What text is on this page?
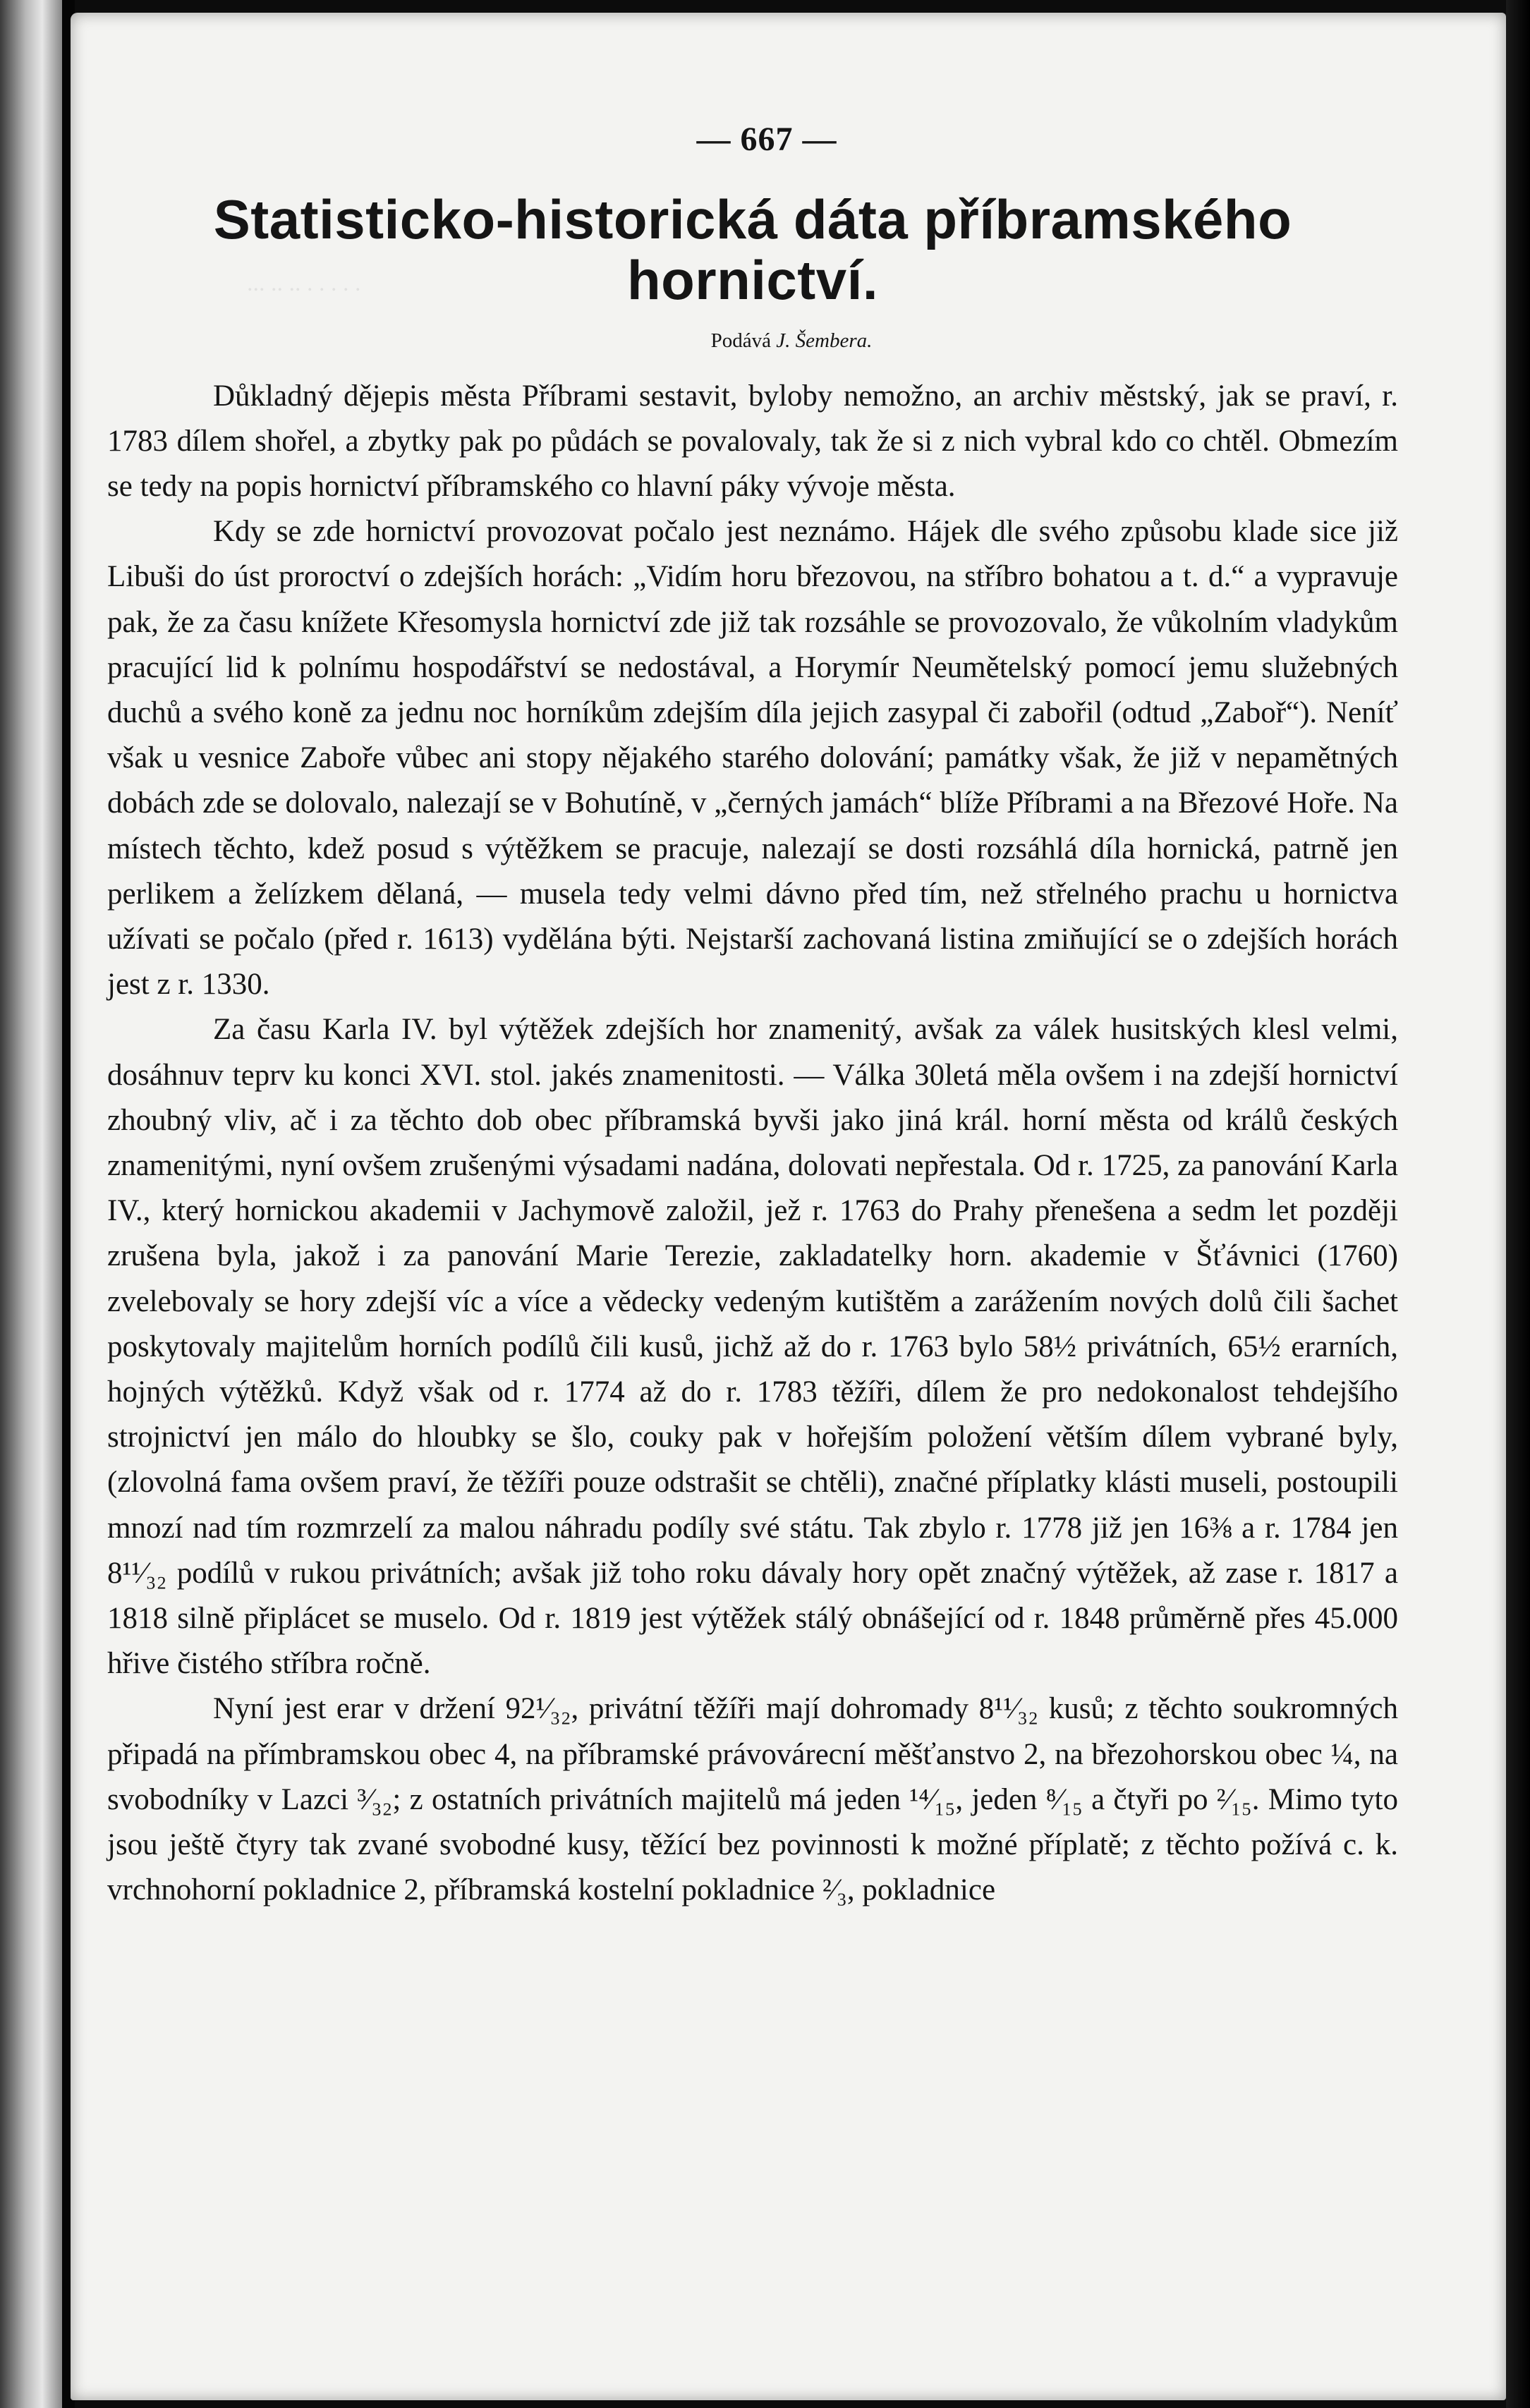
... .. .. . . . . .

— 667 —

Statisticko-historická dáta příbramského hornictví.

Podává J. Šembera.

Důkladný dějepis města Příbrami sestavit, byloby nemožno, an archiv městský, jak se praví, r. 1783 dílem shořel, a zbytky pak po půdách se povalovaly, tak že si z nich vybral kdo co chtěl. Obmezím se tedy na popis hornictví příbramského co hlavní páky vývoje města.

Kdy se zde hornictví provozovat počalo jest neznámo. Hájek dle svého způsobu klade sice již Libuši do úst proroctví o zdejších horách: „Vidím horu březovou, na stříbro bohatou a t. d.“ a vypravuje pak, že za času knížete Křesomysla hornictví zde již tak rozsáhle se provozovalo, že vůkolním vladykům pracující lid k polnímu hospodářství se nedostával, a Horymír Neumětelský pomocí jemu služebných duchů a svého koně za jednu noc horníkům zdejším díla jejich zasypal či zabořil (odtud „Zaboř“). Neníť však u vesnice Zaboře vůbec ani stopy nějakého starého dolování; památky však, že již v nepamětných dobách zde se dolovalo, nalezají se v Bohutíně, v „černých jamách“ blíže Příbrami a na Březové Hoře. Na místech těchto, kdež posud s výtěžkem se pracuje, nalezají se dosti rozsáhlá díla hornická, patrně jen perlikem a želízkem dělaná, — musela tedy velmi dávno před tím, než střelného prachu u hornictva užívati se počalo (před r. 1613) vydělána býti. Nejstarší zachovaná listina zmiňující se o zdejších horách jest z r. 1330.

Za času Karla IV. byl výtěžek zdejších hor znamenitý, avšak za válek husitských klesl velmi, dosáhnuv teprv ku konci XVI. stol. jakés znamenitosti. — Válka 30letá měla ovšem i na zdejší hornictví zhoubný vliv, ač i za těchto dob obec příbramská byvši jako jiná král. horní města od králů českých znamenitými, nyní ovšem zrušenými výsadami nadána, dolovati nepřestala. Od r. 1725, za panování Karla IV., který hornickou akademii v Jachymově založil, jež r. 1763 do Prahy přenešena a sedm let později zrušena byla, jakož i za panování Marie Terezie, zakladatelky horn. akademie v Šťávnici (1760) zvelebovaly se hory zdejší víc a více a vědecky vedeným kutištěm a zarážením nových dolů čili šachet poskytovaly majitelům horních podílů čili kusů, jichž až do r. 1763 bylo 58½ privátních, 65½ erarních, hojných výtěžků. Když však od r. 1774 až do r. 1783 těžíři, dílem že pro nedokonalost tehdejšího strojnictví jen málo do hloubky se šlo, couky pak v hořejším položení větším dílem vybrané byly, (zlovolná fama ovšem praví, že těžíři pouze odstrašit se chtěli), značné příplatky klásti museli, postoupili mnozí nad tím rozmrzelí za malou náhradu podíly své státu. Tak zbylo r. 1778 již jen 16⅜ a r. 1784 jen 8¹¹⁄₃₂ podílů v rukou privátních; avšak již toho roku dávaly hory opět značný výtěžek, až zase r. 1817 a 1818 silně připlácet se muselo. Od r. 1819 jest výtěžek stálý obnášející od r. 1848 průměrně přes 45.000 hřive čistého stříbra ročně.

Nyní jest erar v držení 92¹⁄₃₂, privátní těžíři mají dohromady 8¹¹⁄₃₂ kusů; z těchto soukromných připadá na přímbramskou obec 4, na příbramské právovárecní měšťanstvo 2, na březohorskou obec ¼, na svobodníky v Lazci ³⁄₃₂; z ostatních privátních majitelů má jeden ¹⁴⁄₁₅, jeden ⁸⁄₁₅ a čtyři po ²⁄₁₅. Mimo tyto jsou ještě čtyry tak zvané svobodné kusy, těžící bez povinnosti k možné příplatě; z těchto požívá c. k. vrchnohorní pokladnice 2, příbramská kostelní pokladnice ²⁄₃, pokladnice
